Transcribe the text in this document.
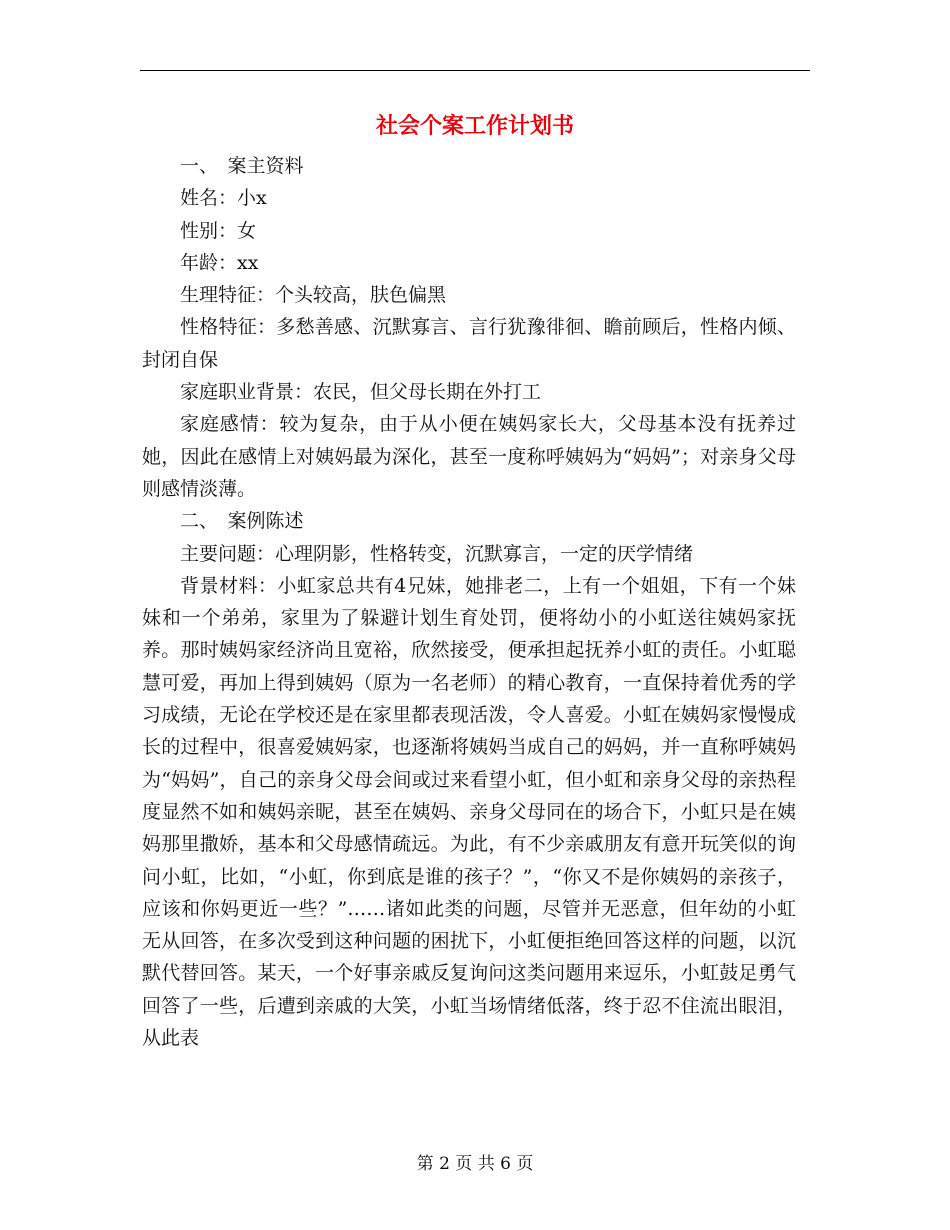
社会个案工作计划书

一、　案主资料

姓名：小x

性别：女

年龄：xx

生理特征：个头较高，肤色偏黑

性格特征：多愁善感、沉默寡言、言行犹豫徘徊、瞻前顾后，性格内倾、封闭自保

家庭职业背景：农民，但父母长期在外打工

家庭感情：较为复杂，由于从小便在姨妈家长大，父母基本没有抚养过她，因此在感情上对姨妈最为深化，甚至一度称呼姨妈为“妈妈”；对亲身父母则感情淡薄。

二、　案例陈述

主要问题：心理阴影，性格转变，沉默寡言，一定的厌学情绪

背景材料：小虹家总共有4兄妹，她排老二，上有一个姐姐，下有一个妹妹和一个弟弟，家里为了躲避计划生育处罚，便将幼小的小虹送往姨妈家抚养。那时姨妈家经济尚且宽裕，欣然接受，便承担起抚养小虹的责任。小虹聪慧可爱，再加上得到姨妈（原为一名老师）的精心教育，一直保持着优秀的学习成绩，无论在学校还是在家里都表现活泼，令人喜爱。小虹在姨妈家慢慢成长的过程中，很喜爱姨妈家，也逐渐将姨妈当成自己的妈妈，并一直称呼姨妈为“妈妈”，自己的亲身父母会间或过来看望小虹，但小虹和亲身父母的亲热程度显然不如和姨妈亲昵，甚至在姨妈、亲身父母同在的场合下，小虹只是在姨妈那里撒娇，基本和父母感情疏远。为此，有不少亲戚朋友有意开玩笑似的询问小虹，比如，“小虹，你到底是谁的孩子？”，“你又不是你姨妈的亲孩子，应该和你妈更近一些？”……诸如此类的问题，尽管并无恶意，但年幼的小虹无从回答，在多次受到这种问题的困扰下，小虹便拒绝回答这样的问题，以沉默代替回答。某天，一个好事亲戚反复询问这类问题用来逗乐，小虹鼓足勇气回答了一些，后遭到亲戚的大笑，小虹当场情绪低落，终于忍不住流出眼泪，从此表

第 2 页 共 6 页
